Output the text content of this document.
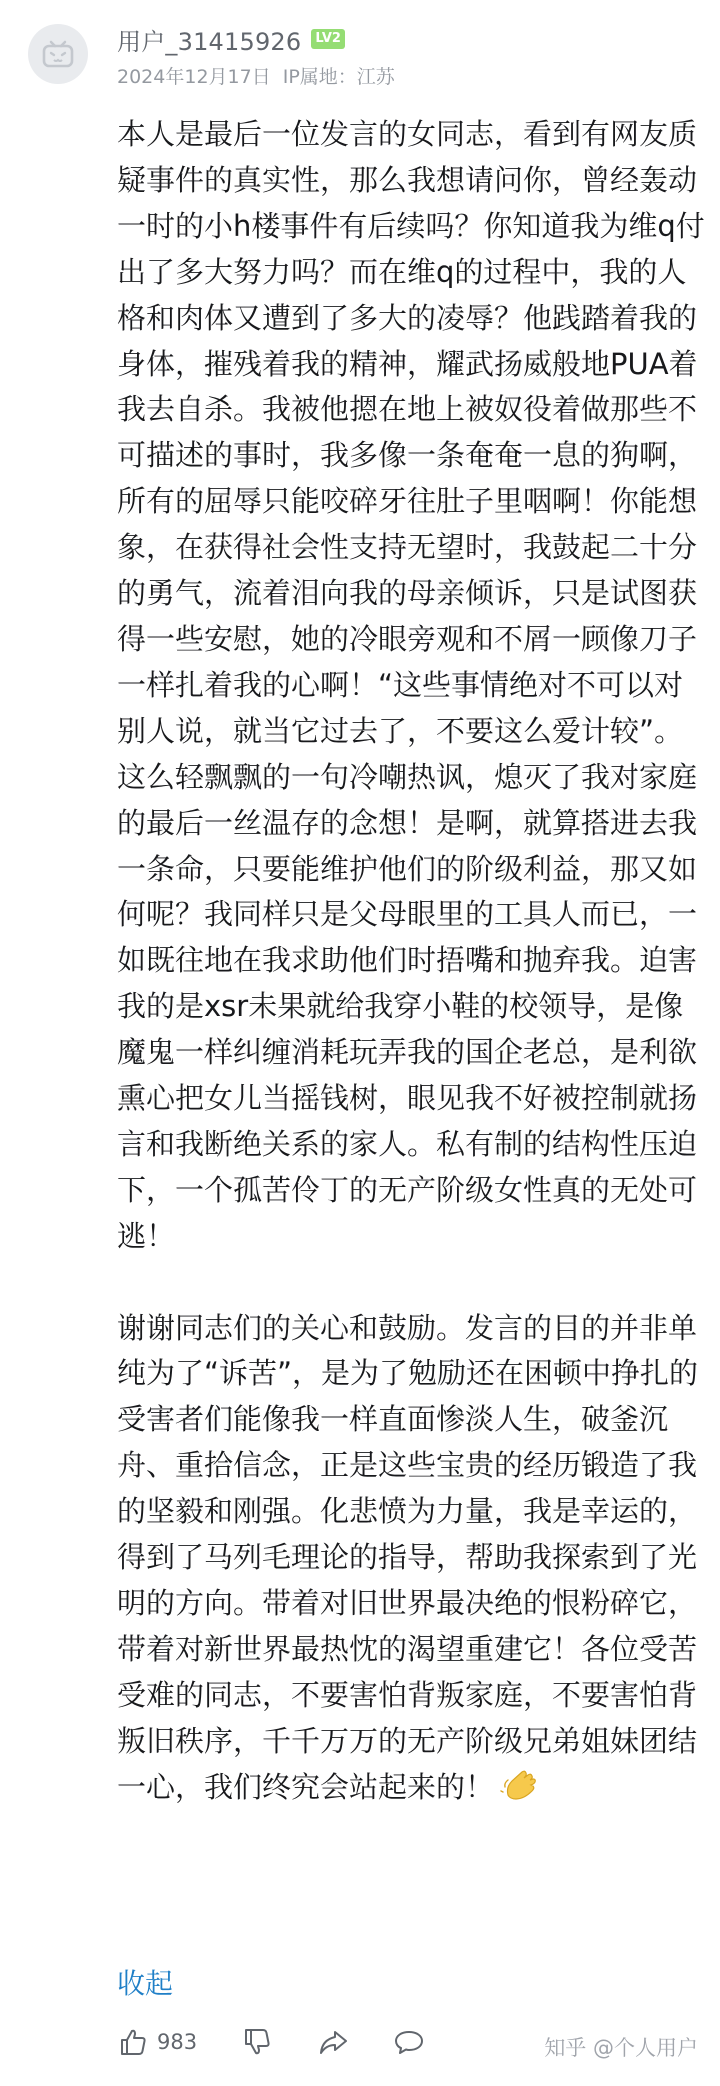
用户_31415926	LV2
2024年12月17日 IP属地：江苏

本人是最后一位发言的女同志，看到有网友质疑事件的真实性，那么我想请问你，曾经轰动一时的小h楼事件有后续吗？你知道我为维q付出了多大努力吗？而在维q的过程中，我的人格和肉体又遭到了多大的凌辱？他践踏着我的身体，摧残着我的精神，耀武扬威般地PUA着我去自杀。我被他摁在地上被奴役着做那些不可描述的事时，我多像一条奄奄一息的狗啊，所有的屈辱只能咬碎牙往肚子里咽啊！你能想象，在获得社会性支持无望时，我鼓起二十分的勇气，流着泪向我的母亲倾诉，只是试图获得一些安慰，她的冷眼旁观和不屑一顾像刀子一样扎着我的心啊！“这些事情绝对不可以对别人说，就当它过去了，不要这么爱计较”。这么轻飘飘的一句冷嘲热讽，熄灭了我对家庭的最后一丝温存的念想！是啊，就算搭进去我一条命，只要能维护他们的阶级利益，那又如何呢？我同样只是父母眼里的工具人而已，一如既往地在我求助他们时捂嘴和抛弃我。迫害我的是xsr未果就给我穿小鞋的校领导，是像魔鬼一样纠缠消耗玩弄我的国企老总，是利欲熏心把女儿当摇钱树，眼见我不好被控制就扬言和我断绝关系的家人。私有制的结构性压迫下，一个孤苦伶丁的无产阶级女性真的无处可逃！

谢谢同志们的关心和鼓励。发言的目的并非单纯为了“诉苦”，是为了勉励还在困顿中挣扎的受害者们能像我一样直面惨淡人生，破釜沉舟、重拾信念，正是这些宝贵的经历锻造了我的坚毅和刚强。化悲愤为力量，我是幸运的，得到了马列毛理论的指导，帮助我探索到了光明的方向。带着对旧世界最决绝的恨粉碎它，带着对新世界最热忱的渴望重建它！各位受苦受难的同志，不要害怕背叛家庭，不要害怕背叛旧秩序，千千万万的无产阶级兄弟姐妹团结一心，我们终究会站起来的！

收起
983	知乎 @个人用户
